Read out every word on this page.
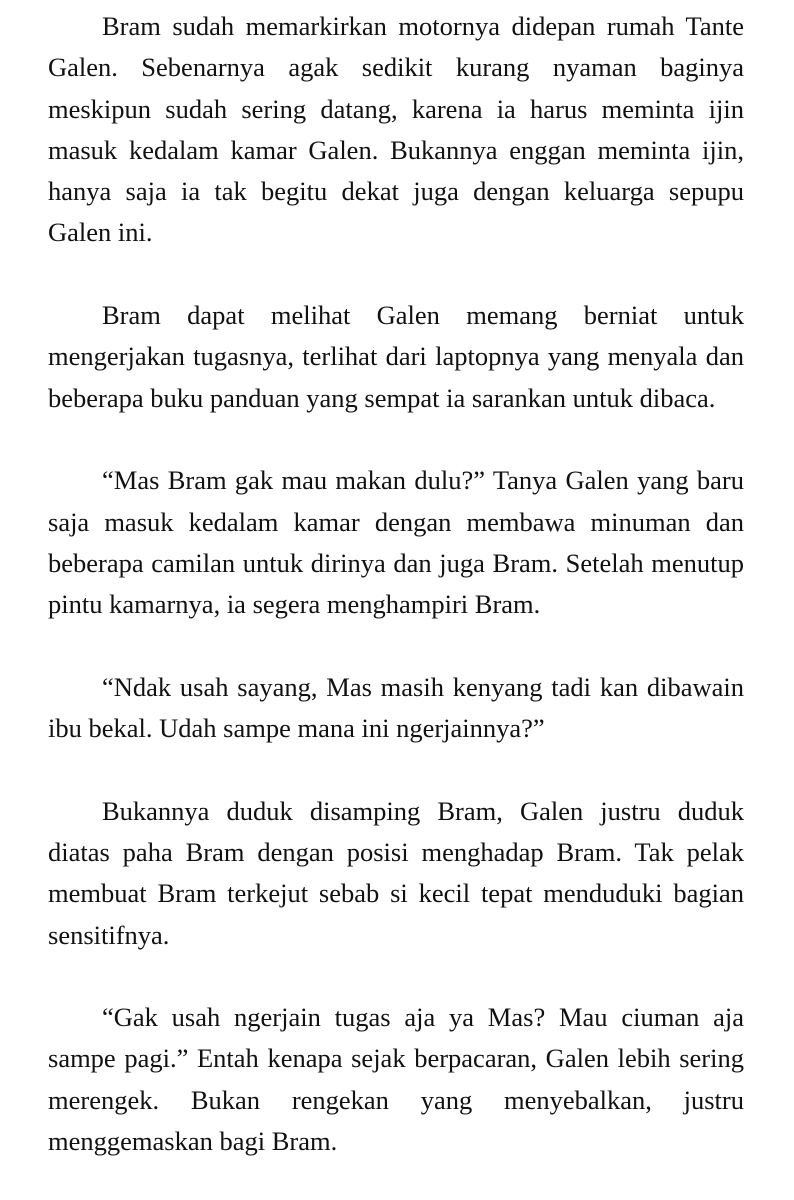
Bram sudah memarkirkan motornya didepan rumah Tante Galen. Sebenarnya agak sedikit kurang nyaman baginya meskipun sudah sering datang, karena ia harus meminta ijin masuk kedalam kamar Galen. Bukannya enggan meminta ijin, hanya saja ia tak begitu dekat juga dengan keluarga sepupu Galen ini.

Bram dapat melihat Galen memang berniat untuk mengerjakan tugasnya, terlihat dari laptopnya yang menyala dan beberapa buku panduan yang sempat ia sarankan untuk dibaca.

“Mas Bram gak mau makan dulu?” Tanya Galen yang baru saja masuk kedalam kamar dengan membawa minuman dan beberapa camilan untuk dirinya dan juga Bram. Setelah menutup pintu kamarnya, ia segera menghampiri Bram.

“Ndak usah sayang, Mas masih kenyang tadi kan dibawain ibu bekal. Udah sampe mana ini ngerjainnya?”

Bukannya duduk disamping Bram, Galen justru duduk diatas paha Bram dengan posisi menghadap Bram. Tak pelak membuat Bram terkejut sebab si kecil tepat menduduki bagian sensitifnya.

“Gak usah ngerjain tugas aja ya Mas? Mau ciuman aja sampe pagi.” Entah kenapa sejak berpacaran, Galen lebih sering merengek. Bukan rengekan yang menyebalkan, justru menggemaskan bagi Bram.
